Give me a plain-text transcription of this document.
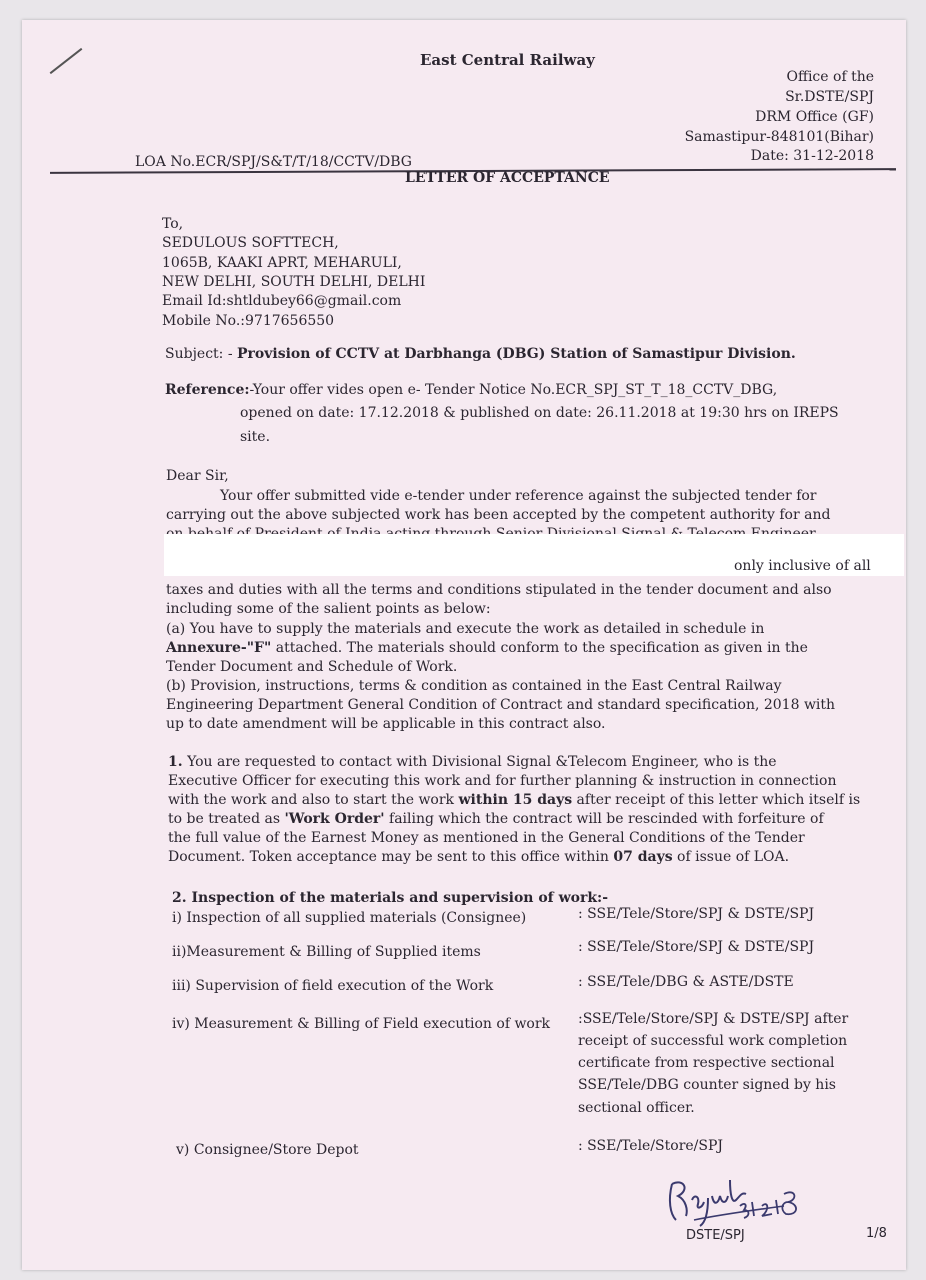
East Central Railway
Office of the
Sr.DSTE/SPJ
DRM Office (GF)
Samastipur-848101(Bihar)
Date: 31-12-2018
LOA No.ECR/SPJ/S&T/T/18/CCTV/DBG
LETTER OF ACCEPTANCE
To,
SEDULOUS SOFTTECH,
1065B, KAAKI APRT, MEHARULI,
NEW DELHI, SOUTH DELHI, DELHI
Email Id:shtldubey66@gmail.com
Mobile No.:9717656550
Subject: - Provision of CCTV at Darbhanga (DBG) Station of Samastipur Division.
Reference:-Your offer vides open e- Tender Notice No.ECR_SPJ_ST_T_18_CCTV_DBG,
opened on date: 17.12.2018 & published on date: 26.11.2018 at 19:30 hrs on IREPS
site.
Dear Sir,
Your offer submitted vide e-tender under reference against the subjected tender for
carrying out the above subjected work has been accepted by the competent authority for and
only inclusive of all
taxes and duties with all the terms and conditions stipulated in the tender document and also
including some of the salient points as below:
(a) You have to supply the materials and execute the work as detailed in schedule in
Annexure-"F" attached. The materials should conform to the specification as given in the
Tender Document and Schedule of Work.
(b) Provision, instructions, terms & condition as contained in the East Central Railway
Engineering Department General Condition of Contract and standard specification, 2018 with
up to date amendment will be applicable in this contract also.
1. You are requested to contact with Divisional Signal &Telecom Engineer, who is the
Executive Officer for executing this work and for further planning & instruction in connection
with the work and also to start the work within 15 days after receipt of this letter which itself is
to be treated as 'Work Order' failing which the contract will be rescinded with forfeiture of
the full value of the Earnest Money as mentioned in the General Conditions of the Tender
Document. Token acceptance may be sent to this office within 07 days of issue of LOA.
2. Inspection of the materials and supervision of work:-
i) Inspection of all supplied materials (Consignee)	: SSE/Tele/Store/SPJ & DSTE/SPJ
ii)Measurement & Billing of Supplied items	: SSE/Tele/Store/SPJ & DSTE/SPJ
iii) Supervision of field execution of the Work	: SSE/Tele/DBG & ASTE/DSTE
iv) Measurement & Billing of Field execution of work :SSE/Tele/Store/SPJ & DSTE/SPJ after
receipt of successful work completion
certificate from respective sectional
SSE/Tele/DBG counter signed by his
sectional officer.
v) Consignee/Store Depot	: SSE/Tele/Store/SPJ
DSTE/SPJ	1/8
